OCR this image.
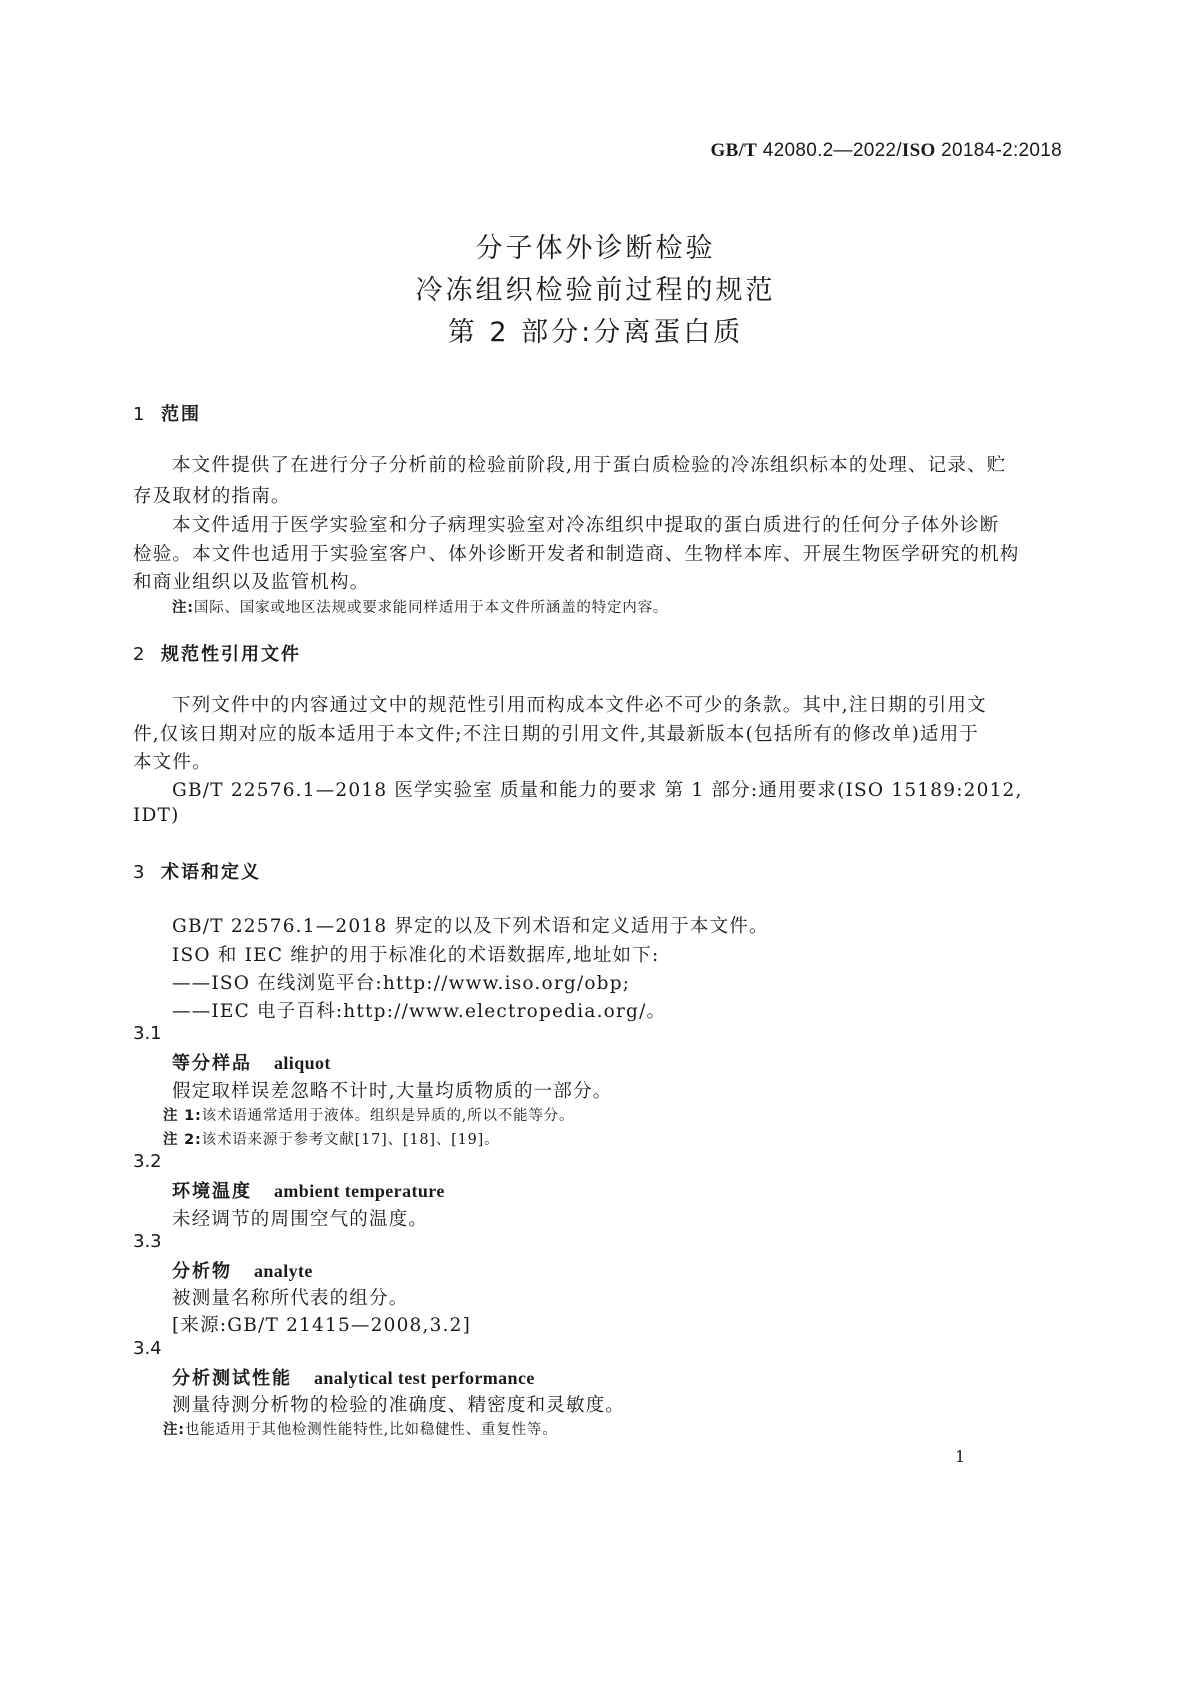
GB/T 42080.2—2022/ISO 20184-2:2018
分子体外诊断检验
冷冻组织检验前过程的规范
第 2 部分:分离蛋白质
1 范围
本文件提供了在进行分子分析前的检验前阶段,用于蛋白质检验的冷冻组织标本的处理、记录、贮
存及取材的指南。
本文件适用于医学实验室和分子病理实验室对冷冻组织中提取的蛋白质进行的任何分子体外诊断
检验。本文件也适用于实验室客户、体外诊断开发者和制造商、生物样本库、开展生物医学研究的机构
和商业组织以及监管机构。
注:国际、国家或地区法规或要求能同样适用于本文件所涵盖的特定内容。
2 规范性引用文件
下列文件中的内容通过文中的规范性引用而构成本文件必不可少的条款。其中,注日期的引用文
件,仅该日期对应的版本适用于本文件;不注日期的引用文件,其最新版本(包括所有的修改单)适用于
本文件。
GB/T 22576.1—2018 医学实验室 质量和能力的要求 第 1 部分:通用要求(ISO 15189:2012,
IDT)
3 术语和定义
GB/T 22576.1—2018 界定的以及下列术语和定义适用于本文件。
ISO 和 IEC 维护的用于标准化的术语数据库,地址如下:
——ISO 在线浏览平台:http://www.iso.org/obp;
——IEC 电子百科:http://www.electropedia.org/。
3.1
等分样品 aliquot
假定取样误差忽略不计时,大量均质物质的一部分。
注 1:该术语通常适用于液体。组织是异质的,所以不能等分。
注 2:该术语来源于参考文献[17]、[18]、[19]。
3.2
环境温度 ambient temperature
未经调节的周围空气的温度。
3.3
分析物 analyte
被测量名称所代表的组分。
[来源:GB/T 21415—2008,3.2]
3.4
分析测试性能 analytical test performance
测量待测分析物的检验的准确度、精密度和灵敏度。
注:也能适用于其他检测性能特性,比如稳健性、重复性等。
1
